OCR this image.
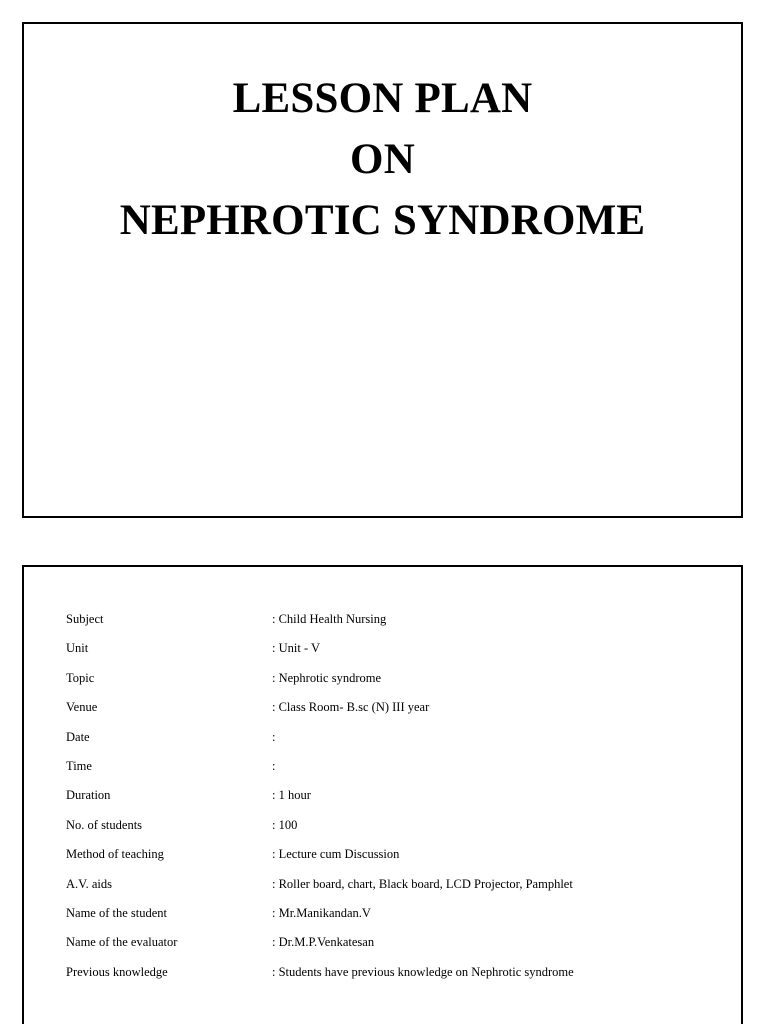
LESSON PLAN
ON
NEPHROTIC SYNDROME
Subject	: Child Health Nursing
Unit	: Unit - V
Topic	: Nephrotic syndrome
Venue	: Class Room- B.sc (N) III year
Date	:
Time	:
Duration	: 1 hour
No. of students	: 100
Method of teaching	: Lecture cum Discussion
A.V. aids	: Roller board, chart, Black board, LCD Projector, Pamphlet
Name of the student	: Mr.Manikandan.V
Name of the evaluator	: Dr.M.P.Venkatesan
Previous knowledge	: Students have previous knowledge on Nephrotic syndrome
